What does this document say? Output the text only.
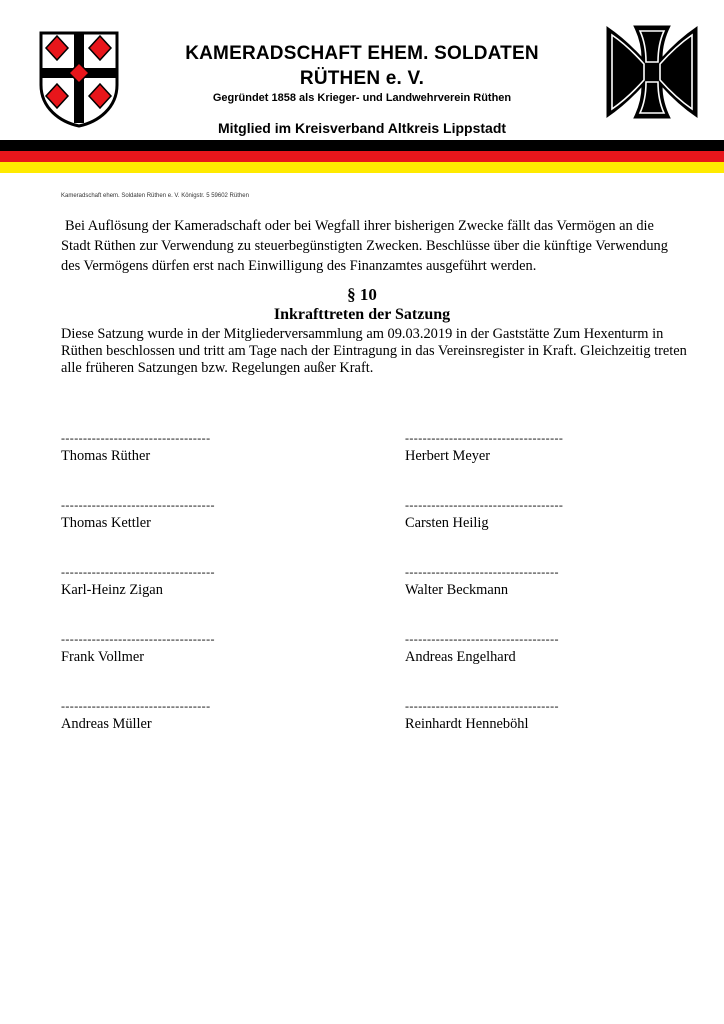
KAMERADSCHAFT EHEM. SOLDATEN
RÜTHEN e. V.
Gegründet 1858 als Krieger- und Landwehrverein Rüthen
Mitglied im Kreisverband Altkreis Lippstadt
Kameradschaft ehem. Soldaten Rüthen e. V. Königstr. 5 59602 Rüthen
Bei Auflösung der Kameradschaft oder bei Wegfall ihrer bisherigen Zwecke fällt das Vermögen an die Stadt Rüthen zur Verwendung zu steuerbegünstigten Zwecken. Beschlüsse über die künftige Verwendung des Vermögens dürfen erst nach Einwilligung des Finanzamtes ausgeführt werden.
§ 10
Inkrafttreten der Satzung
Diese Satzung wurde in der Mitgliederversammlung am 09.03.2019 in der Gaststätte Zum Hexenturm in Rüthen beschlossen und tritt am Tage nach der Eintragung in das Vereinsregister in Kraft. Gleichzeitig treten alle früheren Satzungen bzw. Regelungen außer Kraft.
----------------------------------
Thomas Rüther
------------------------------------
Herbert Meyer
-----------------------------------
Thomas Kettler
------------------------------------
Carsten Heilig
-----------------------------------
Karl-Heinz Zigan
-----------------------------------
Walter Beckmann
-----------------------------------
Frank Vollmer
-----------------------------------
Andreas Engelhard
----------------------------------
Andreas Müller
-----------------------------------
Reinhardt Henneböhl
